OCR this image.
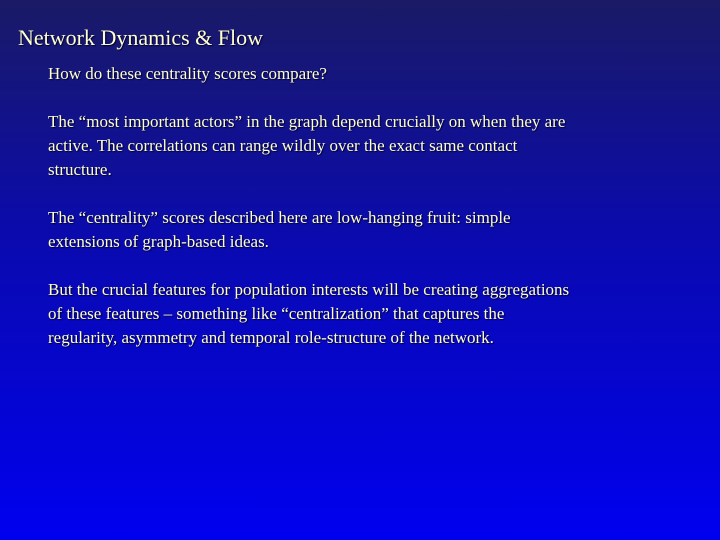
Network Dynamics & Flow

How do these centrality scores compare?

The “most important actors” in the graph depend crucially on when they are
active. The correlations can range wildly over the exact same contact
structure.

The “centrality” scores described here are low-hanging fruit: simple
extensions of graph-based ideas.

But the crucial features for population interests will be creating aggregations
of these features – something like “centralization” that captures the
regularity, asymmetry and temporal role-structure of the network.
